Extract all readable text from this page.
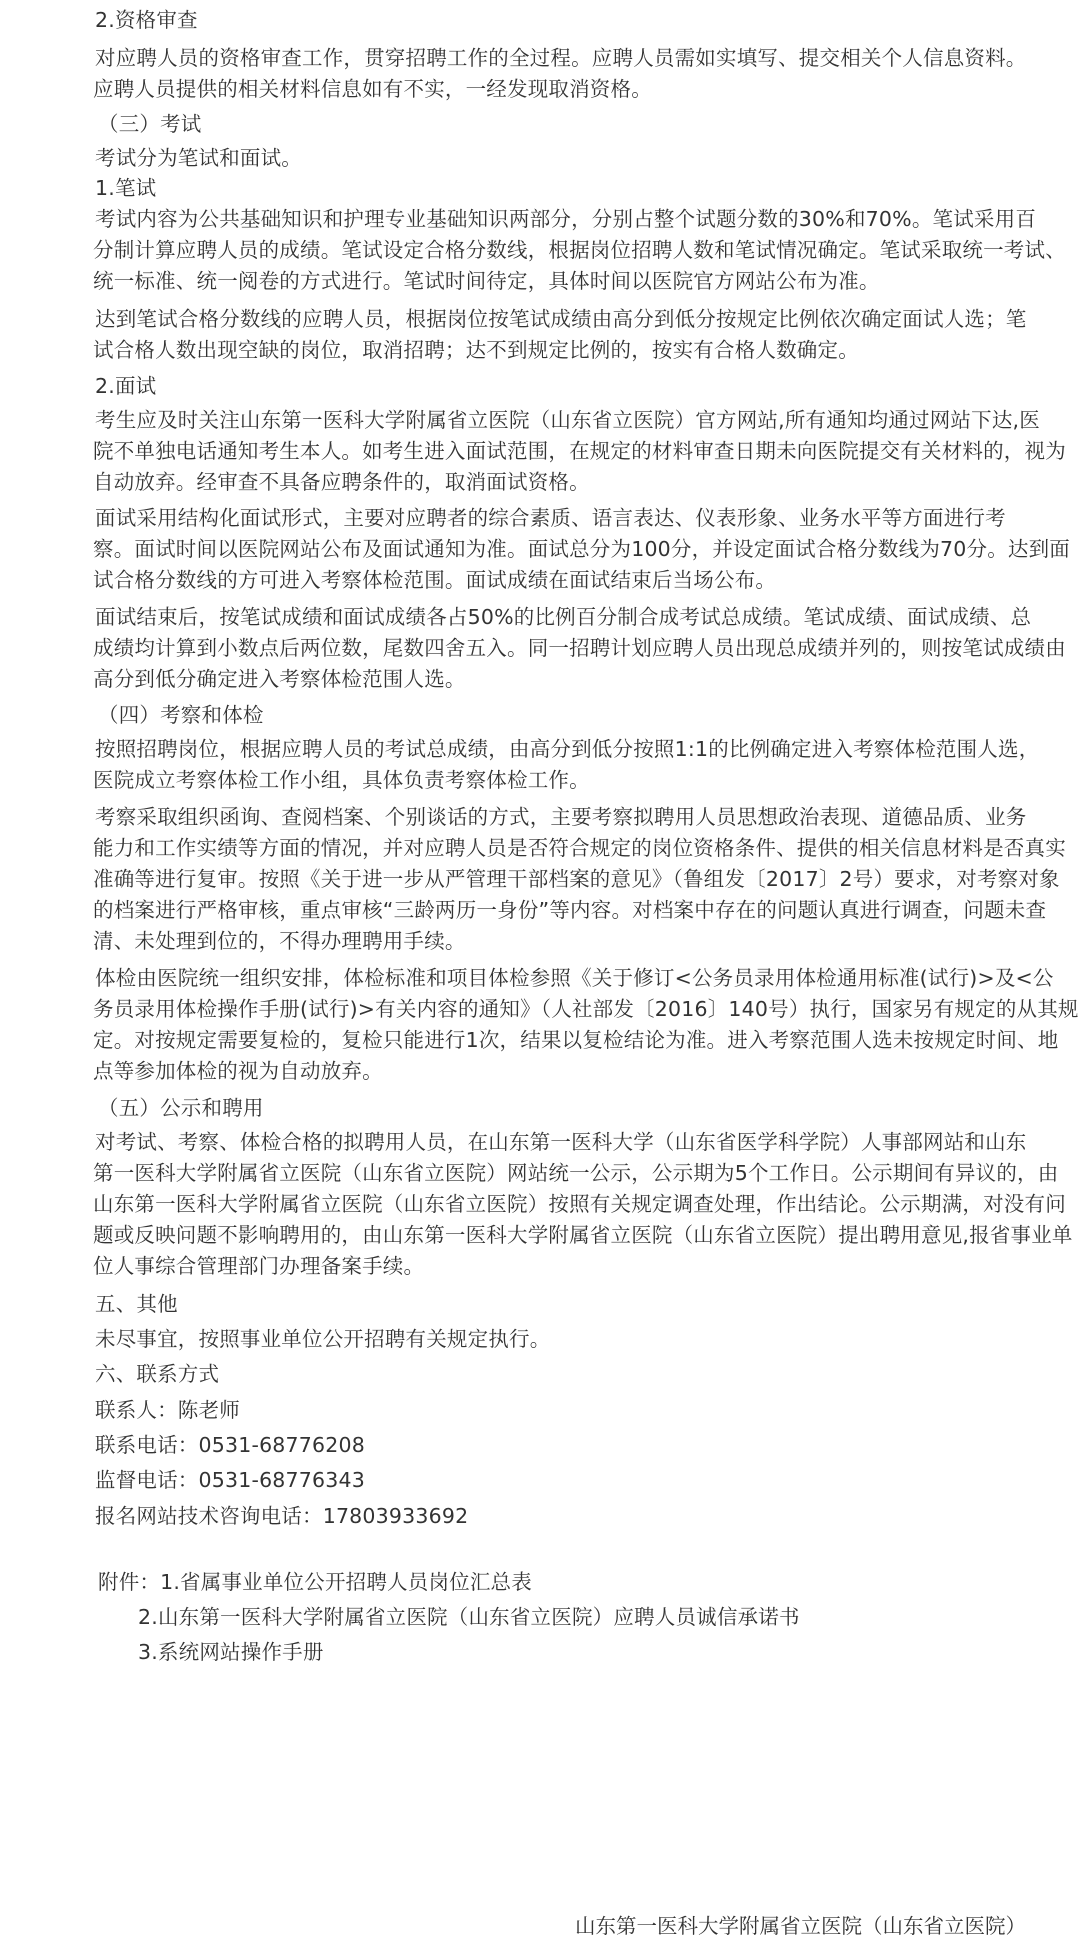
2.资格审查
对应聘人员的资格审查工作，贯穿招聘工作的全过程。应聘人员需如实填写、提交相关个人信息资料。
应聘人员提供的相关材料信息如有不实，一经发现取消资格。
（三）考试
考试分为笔试和面试。
1.笔试
考试内容为公共基础知识和护理专业基础知识两部分，分别占整个试题分数的30%和70%。笔试采用百
分制计算应聘人员的成绩。笔试设定合格分数线，根据岗位招聘人数和笔试情况确定。笔试采取统一考试、
统一标准、统一阅卷的方式进行。笔试时间待定，具体时间以医院官方网站公布为准。
达到笔试合格分数线的应聘人员，根据岗位按笔试成绩由高分到低分按规定比例依次确定面试人选；笔
试合格人数出现空缺的岗位，取消招聘；达不到规定比例的，按实有合格人数确定。
2.面试
考生应及时关注山东第一医科大学附属省立医院（山东省立医院）官方网站,所有通知均通过网站下达,医
院不单独电话通知考生本人。如考生进入面试范围，在规定的材料审查日期未向医院提交有关材料的，视为
自动放弃。经审查不具备应聘条件的，取消面试资格。
面试采用结构化面试形式，主要对应聘者的综合素质、语言表达、仪表形象、业务水平等方面进行考
察。面试时间以医院网站公布及面试通知为准。面试总分为100分，并设定面试合格分数线为70分。达到面
试合格分数线的方可进入考察体检范围。面试成绩在面试结束后当场公布。
面试结束后，按笔试成绩和面试成绩各占50%的比例百分制合成考试总成绩。笔试成绩、面试成绩、总
成绩均计算到小数点后两位数，尾数四舍五入。同一招聘计划应聘人员出现总成绩并列的，则按笔试成绩由
高分到低分确定进入考察体检范围人选。
（四）考察和体检
按照招聘岗位，根据应聘人员的考试总成绩，由高分到低分按照1:1的比例确定进入考察体检范围人选，
医院成立考察体检工作小组，具体负责考察体检工作。
考察采取组织函询、查阅档案、个别谈话的方式，主要考察拟聘用人员思想政治表现、道德品质、业务
能力和工作实绩等方面的情况，并对应聘人员是否符合规定的岗位资格条件、提供的相关信息材料是否真实
准确等进行复审。按照《关于进一步从严管理干部档案的意见》（鲁组发〔2017〕2号）要求，对考察对象
的档案进行严格审核，重点审核“三龄两历一身份”等内容。对档案中存在的问题认真进行调查，问题未查
清、未处理到位的，不得办理聘用手续。
体检由医院统一组织安排，体检标准和项目体检参照《关于修订<公务员录用体检通用标准(试行)>及<公
务员录用体检操作手册(试行)>有关内容的通知》（人社部发〔2016〕140号）执行，国家另有规定的从其规
定。对按规定需要复检的，复检只能进行1次，结果以复检结论为准。进入考察范围人选未按规定时间、地
点等参加体检的视为自动放弃。
（五）公示和聘用
对考试、考察、体检合格的拟聘用人员，在山东第一医科大学（山东省医学科学院）人事部网站和山东
第一医科大学附属省立医院（山东省立医院）网站统一公示，公示期为5个工作日。公示期间有异议的，由
山东第一医科大学附属省立医院（山东省立医院）按照有关规定调查处理，作出结论。公示期满，对没有问
题或反映问题不影响聘用的，由山东第一医科大学附属省立医院（山东省立医院）提出聘用意见,报省事业单
位人事综合管理部门办理备案手续。
五、其他
未尽事宜，按照事业单位公开招聘有关规定执行。
六、联系方式
联系人：陈老师
联系电话：0531-68776208
监督电话：0531-68776343
报名网站技术咨询电话：17803933692
附件：1.省属事业单位公开招聘人员岗位汇总表
2.山东第一医科大学附属省立医院（山东省立医院）应聘人员诚信承诺书
3.系统网站操作手册
山东第一医科大学附属省立医院（山东省立医院）
